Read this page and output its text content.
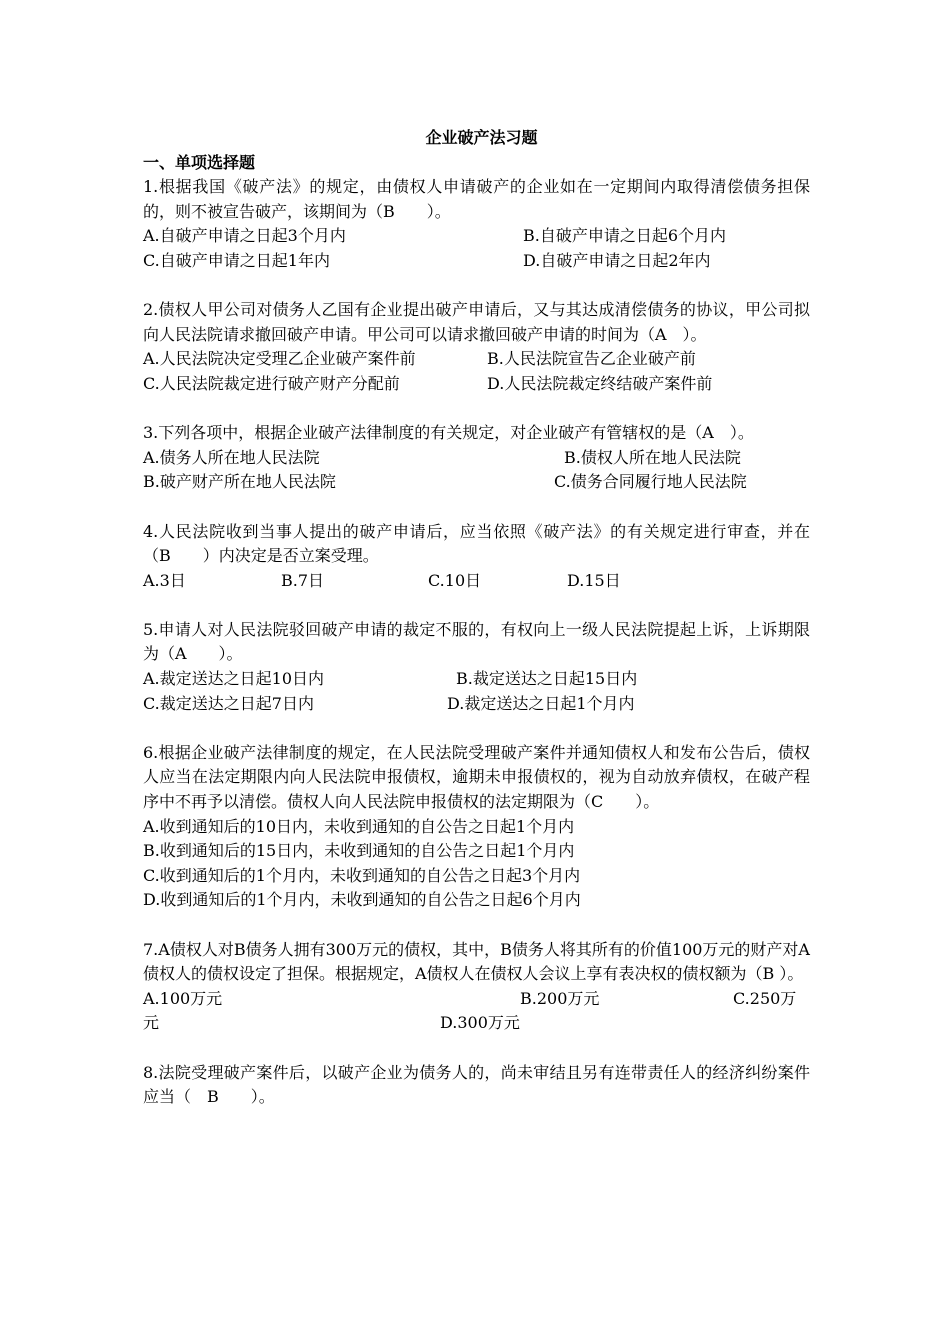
企业破产法习题
一、单项选择题
1.根据我国《破产法》的规定，由债权人申请破产的企业如在一定期间内取得清偿债务担保的，则不被宣告破产，该期间为（B　　）。
A.自破产申请之日起3个月内	B.自破产申请之日起6个月内
C.自破产申请之日起1年内	D.自破产申请之日起2年内
2.债权人甲公司对债务人乙国有企业提出破产申请后，又与其达成清偿债务的协议，甲公司拟向人民法院请求撤回破产申请。甲公司可以请求撤回破产申请的时间为（A　）。
A.人民法院决定受理乙企业破产案件前	B.人民法院宣告乙企业破产前
C.人民法院裁定进行破产财产分配前	D.人民法院裁定终结破产案件前
3.下列各项中，根据企业破产法律制度的有关规定，对企业破产有管辖权的是（A　）。
A.债务人所在地人民法院	B.债权人所在地人民法院
B.破产财产所在地人民法院	C.债务合同履行地人民法院
4.人民法院收到当事人提出的破产申请后，应当依照《破产法》的有关规定进行审查，并在（B　　）内决定是否立案受理。
A.3日	B.7日	C.10日	D.15日
5.申请人对人民法院驳回破产申请的裁定不服的，有权向上一级人民法院提起上诉，上诉期限为（A　　）。
A.裁定送达之日起10日内	B.裁定送达之日起15日内
C.裁定送达之日起7日内	D.裁定送达之日起1个月内
6.根据企业破产法律制度的规定，在人民法院受理破产案件并通知债权人和发布公告后，债权人应当在法定期限内向人民法院申报债权，逾期未申报债权的，视为自动放弃债权，在破产程序中不再予以清偿。债权人向人民法院申报债权的法定期限为（C　　）。
A.收到通知后的10日内，未收到通知的自公告之日起1个月内
B.收到通知后的15日内，未收到通知的自公告之日起1个月内
C.收到通知后的1个月内，未收到通知的自公告之日起3个月内
D.收到通知后的1个月内，未收到通知的自公告之日起6个月内
7.A债权人对B债务人拥有300万元的债权，其中，B债务人将其所有的价值100万元的财产对A债权人的债权设定了担保。根据规定，A债权人在债权人会议上享有表决权的债权额为（B ）。
A.100万元	B.200万元	C.250万
元	D.300万元
8.法院受理破产案件后，以破产企业为债务人的，尚未审结且另有连带责任人的经济纠纷案件应当（　B　　）。
